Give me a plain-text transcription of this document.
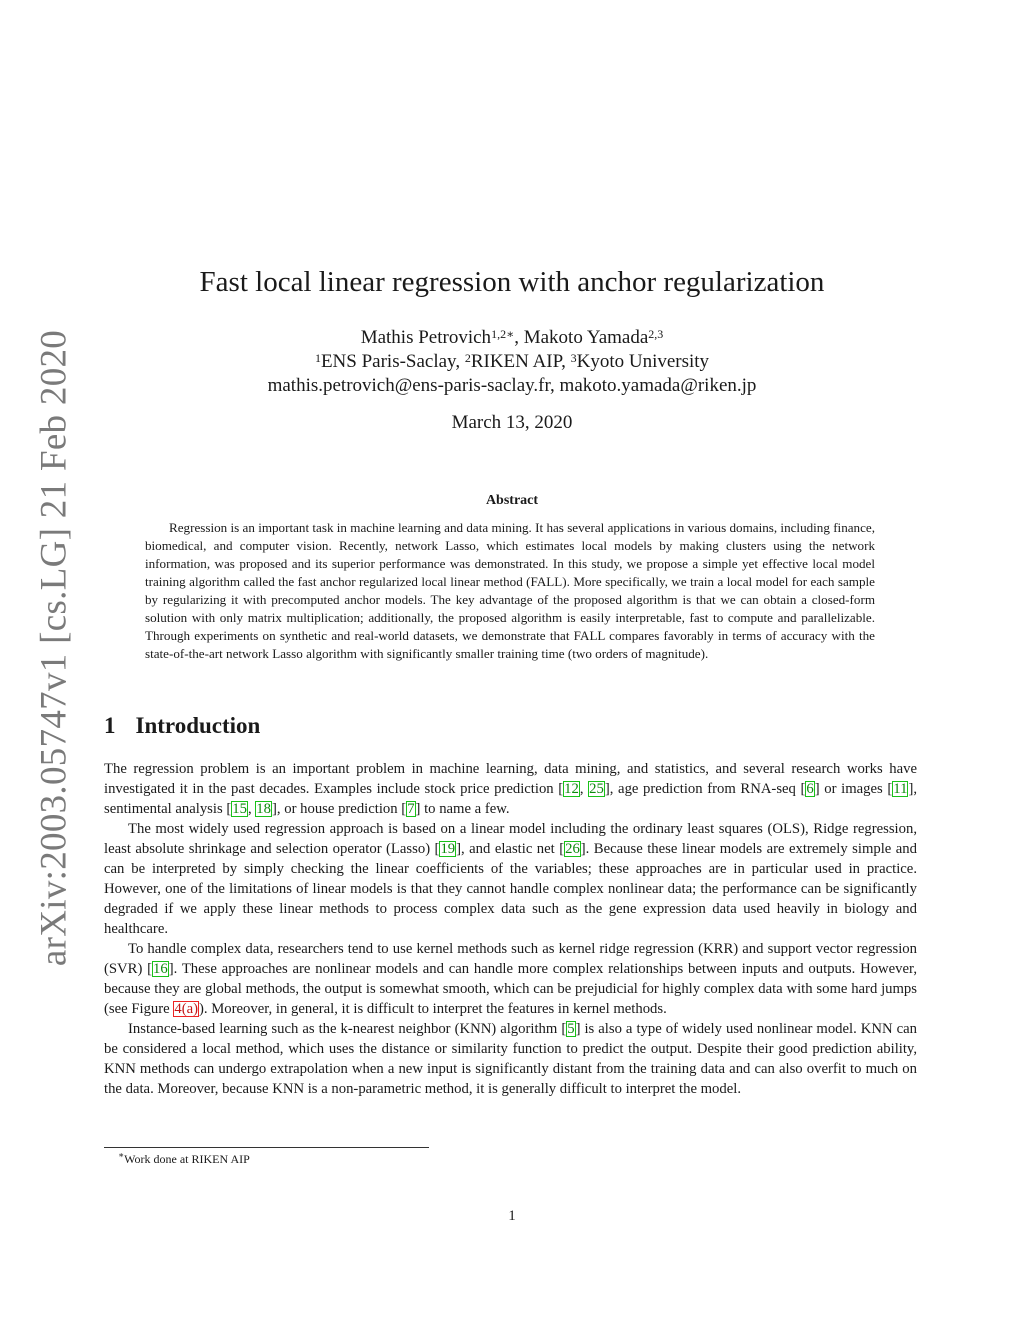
arXiv:2003.05747v1 [cs.LG] 21 Feb 2020
Fast local linear regression with anchor regularization
Mathis Petrovich$^{1,2∗}$, Makoto Yamada$^{2,3}$
$^1$ENS Paris-Saclay, $^2$RIKEN AIP, $^3$Kyoto University
mathis.petrovich@ens-paris-saclay.fr, makoto.yamada@riken.jp
March 13, 2020
Abstract

Regression is an important task in machine learning and data mining. It has several applications in various domains, including finance, biomedical, and computer vision. Recently, network Lasso, which estimates local models by making clusters using the network information, was proposed and its superior performance was demonstrated. In this study, we propose a simple yet effective local model training algorithm called the fast anchor regularized local linear method (FALL). More specifically, we train a local model for each sample by regularizing it with precomputed anchor models. The key advantage of the proposed algorithm is that we can obtain a closed-form solution with only matrix multiplication; additionally, the proposed algorithm is easily interpretable, fast to compute and parallelizable. Through experiments on synthetic and real-world datasets, we demonstrate that FALL compares favorably in terms of accuracy with the state-of-the-art network Lasso algorithm with significantly smaller training time (two orders of magnitude).

1 Introduction

The regression problem is an important problem in machine learning, data mining, and statistics, and several research works have investigated it in the past decades. Examples include stock price prediction [12, 25], age prediction from RNA-seq [6] or images [11], sentimental analysis [15, 18], or house prediction [7] to name a few.

The most widely used regression approach is based on a linear model including the ordinary least squares (OLS), Ridge regression, least absolute shrinkage and selection operator (Lasso) [19], and elastic net [26]. Because these linear models are extremely simple and can be interpreted by simply checking the linear coefficients of the variables; these approaches are in particular used in practice. However, one of the limitations of linear models is that they cannot handle complex nonlinear data; the performance can be significantly degraded if we apply these linear methods to process complex data such as the gene expression data used heavily in biology and healthcare.

To handle complex data, researchers tend to use kernel methods such as kernel ridge regression (KRR) and support vector regression (SVR) [16]. These approaches are nonlinear models and can handle more complex relationships between inputs and outputs. However, because they are global methods, the output is somewhat smooth, which can be prejudicial for highly complex data with some hard jumps (see Figure 4(a)). Moreover, in general, it is difficult to interpret the features in kernel methods.

Instance-based learning such as the k-nearest neighbor (KNN) algorithm [5] is also a type of widely used nonlinear model. KNN can be considered a local method, which uses the distance or similarity function to predict the output. Despite their good prediction ability, KNN methods can undergo extrapolation when a new input is significantly distant from the training data and can also overfit to much on the data. Moreover, because KNN is a non-parametric method, it is generally difficult to interpret the model.

∗Work done at RIKEN AIP
1
